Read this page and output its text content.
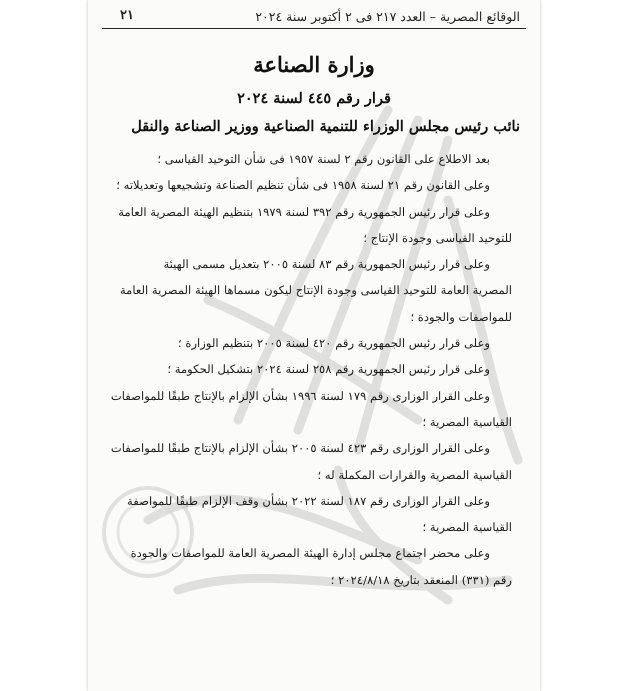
الوقائع المصرية – العدد ٢١٧ فى ٢ أكتوبر سنة ٢٠٢٤
٢١
وزارة الصناعة
قرار رقم ٤٤٥ لسنة ٢٠٢٤
نائب رئيس مجلس الوزراء للتنمية الصناعية ووزير الصناعة والنقل
بعد الاطلاع على القانون رقم ٢ لسنة ١٩٥٧ فى شأن التوحيد القياسى ؛
وعلى القانون رقم ٢١ لسنة ١٩٥٨ فى شأن تنظيم الصناعة وتشجيعها وتعديلاته ؛
وعلى قرار رئيس الجمهورية رقم ٣٩٢ لسنة ١٩٧٩ بتنظيم الهيئة المصرية العامة
للتوحيد القياسى وجودة الإنتاج ؛
وعلى قرار رئيس الجمهورية رقم ٨٣ لسنة ٢٠٠٥ بتعديل مسمى الهيئة
المصرية العامة للتوحيد القياسى وجودة الإنتاج ليكون مسماها الهيئة المصرية العامة
للمواصفات والجودة ؛
وعلى قرار رئيس الجمهورية رقم ٤٢٠ لسنة ٢٠٠٥ بتنظيم الوزارة ؛
وعلى قرار رئيس الجمهورية رقم ٢٥٨ لسنة ٢٠٢٤ بتشكيل الحكومة ؛
وعلى القرار الوزارى رقم ١٧٩ لسنة ١٩٩٦ بشأن الإلزام بالإنتاج طبقًا للمواصفات
القياسية المصرية ؛
وعلى القرار الوزارى رقم ٤٢٣ لسنة ٢٠٠٥ بشأن الإلزام بالإنتاج طبقًا للمواصفات
القياسية المصرية والقرارات المكملة له ؛
وعلى القرار الوزارى رقم ١٨٧ لسنة ٢٠٢٢ بشأن وقف الإلزام طبقًا للمواصفة
القياسية المصرية ؛
وعلى محضر اجتماع مجلس إدارة الهيئة المصرية العامة للمواصفات والجودة
رقم (٣٣١) المنعقد بتاريخ ٢٠٢٤/٨/١٨ ؛
